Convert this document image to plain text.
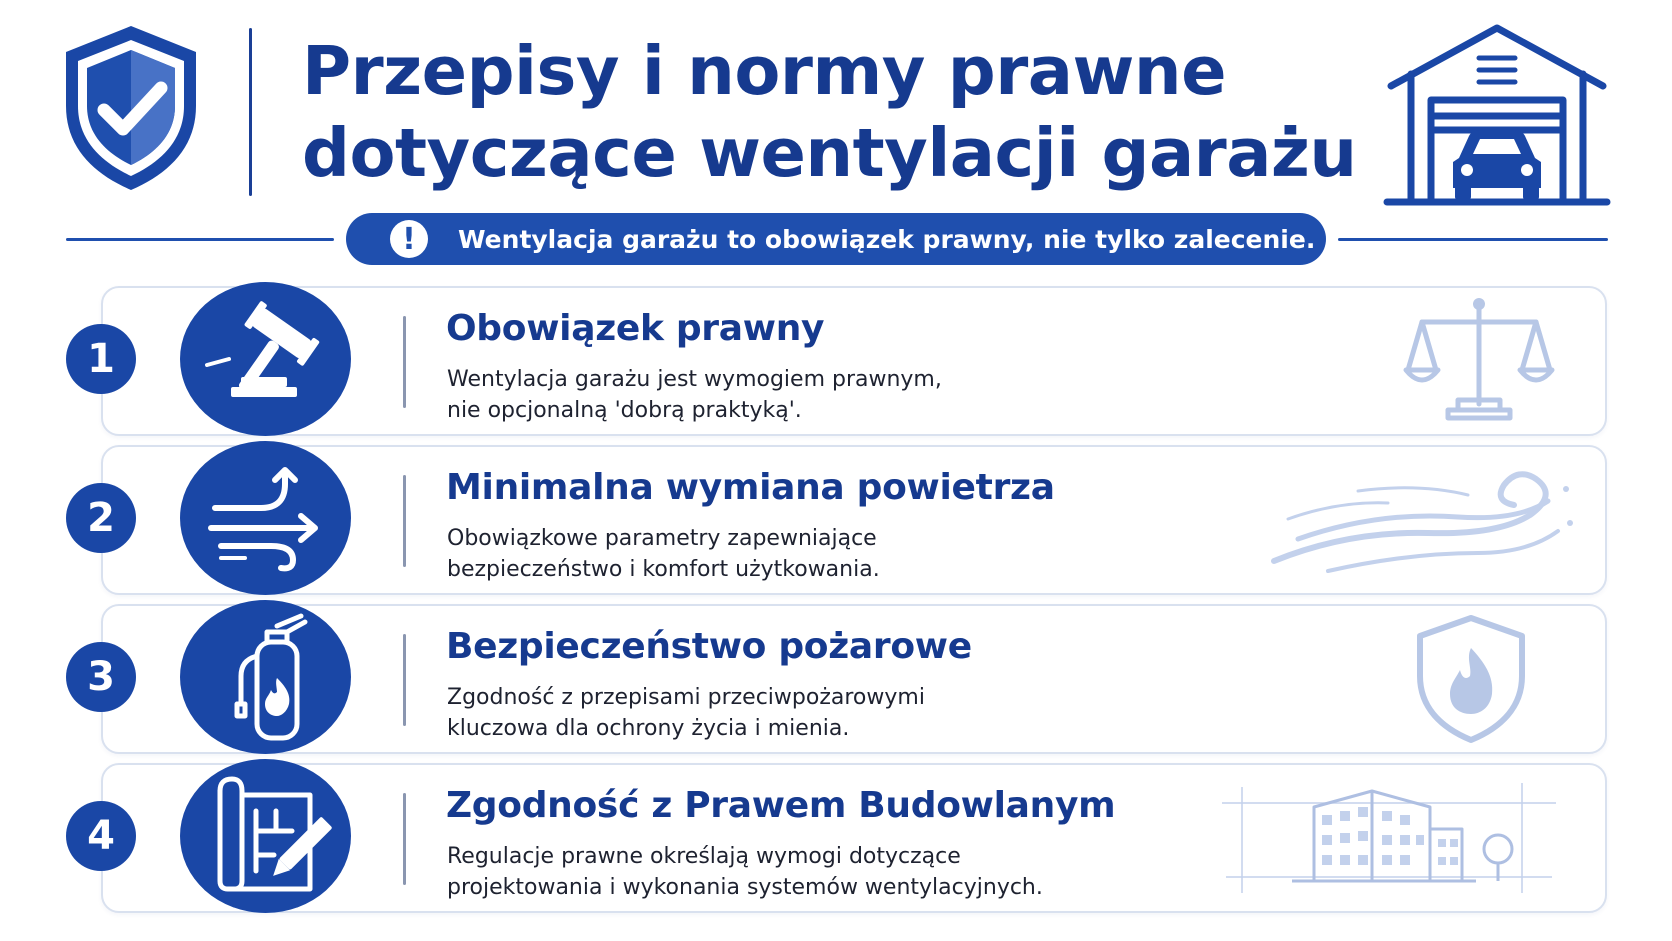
Przepisy i normy prawne
dotyczące wentylacji garażu
!	Wentylacja garażu to obowiązek prawny, nie tylko zalecenie.
1
Obowiązek prawny
Wentylacja garażu jest wymogiem prawnym,
nie opcjonalną 'dobrą praktyką'.
2
Minimalna wymiana powietrza
Obowiązkowe parametry zapewniające
bezpieczeństwo i komfort użytkowania.
3
Bezpieczeństwo pożarowe
Zgodność z przepisami przeciwpożarowymi
kluczowa dla ochrony życia i mienia.
4
Zgodność z Prawem Budowlanym
Regulacje prawne określają wymogi dotyczące
projektowania i wykonania systemów wentylacyjnych.
